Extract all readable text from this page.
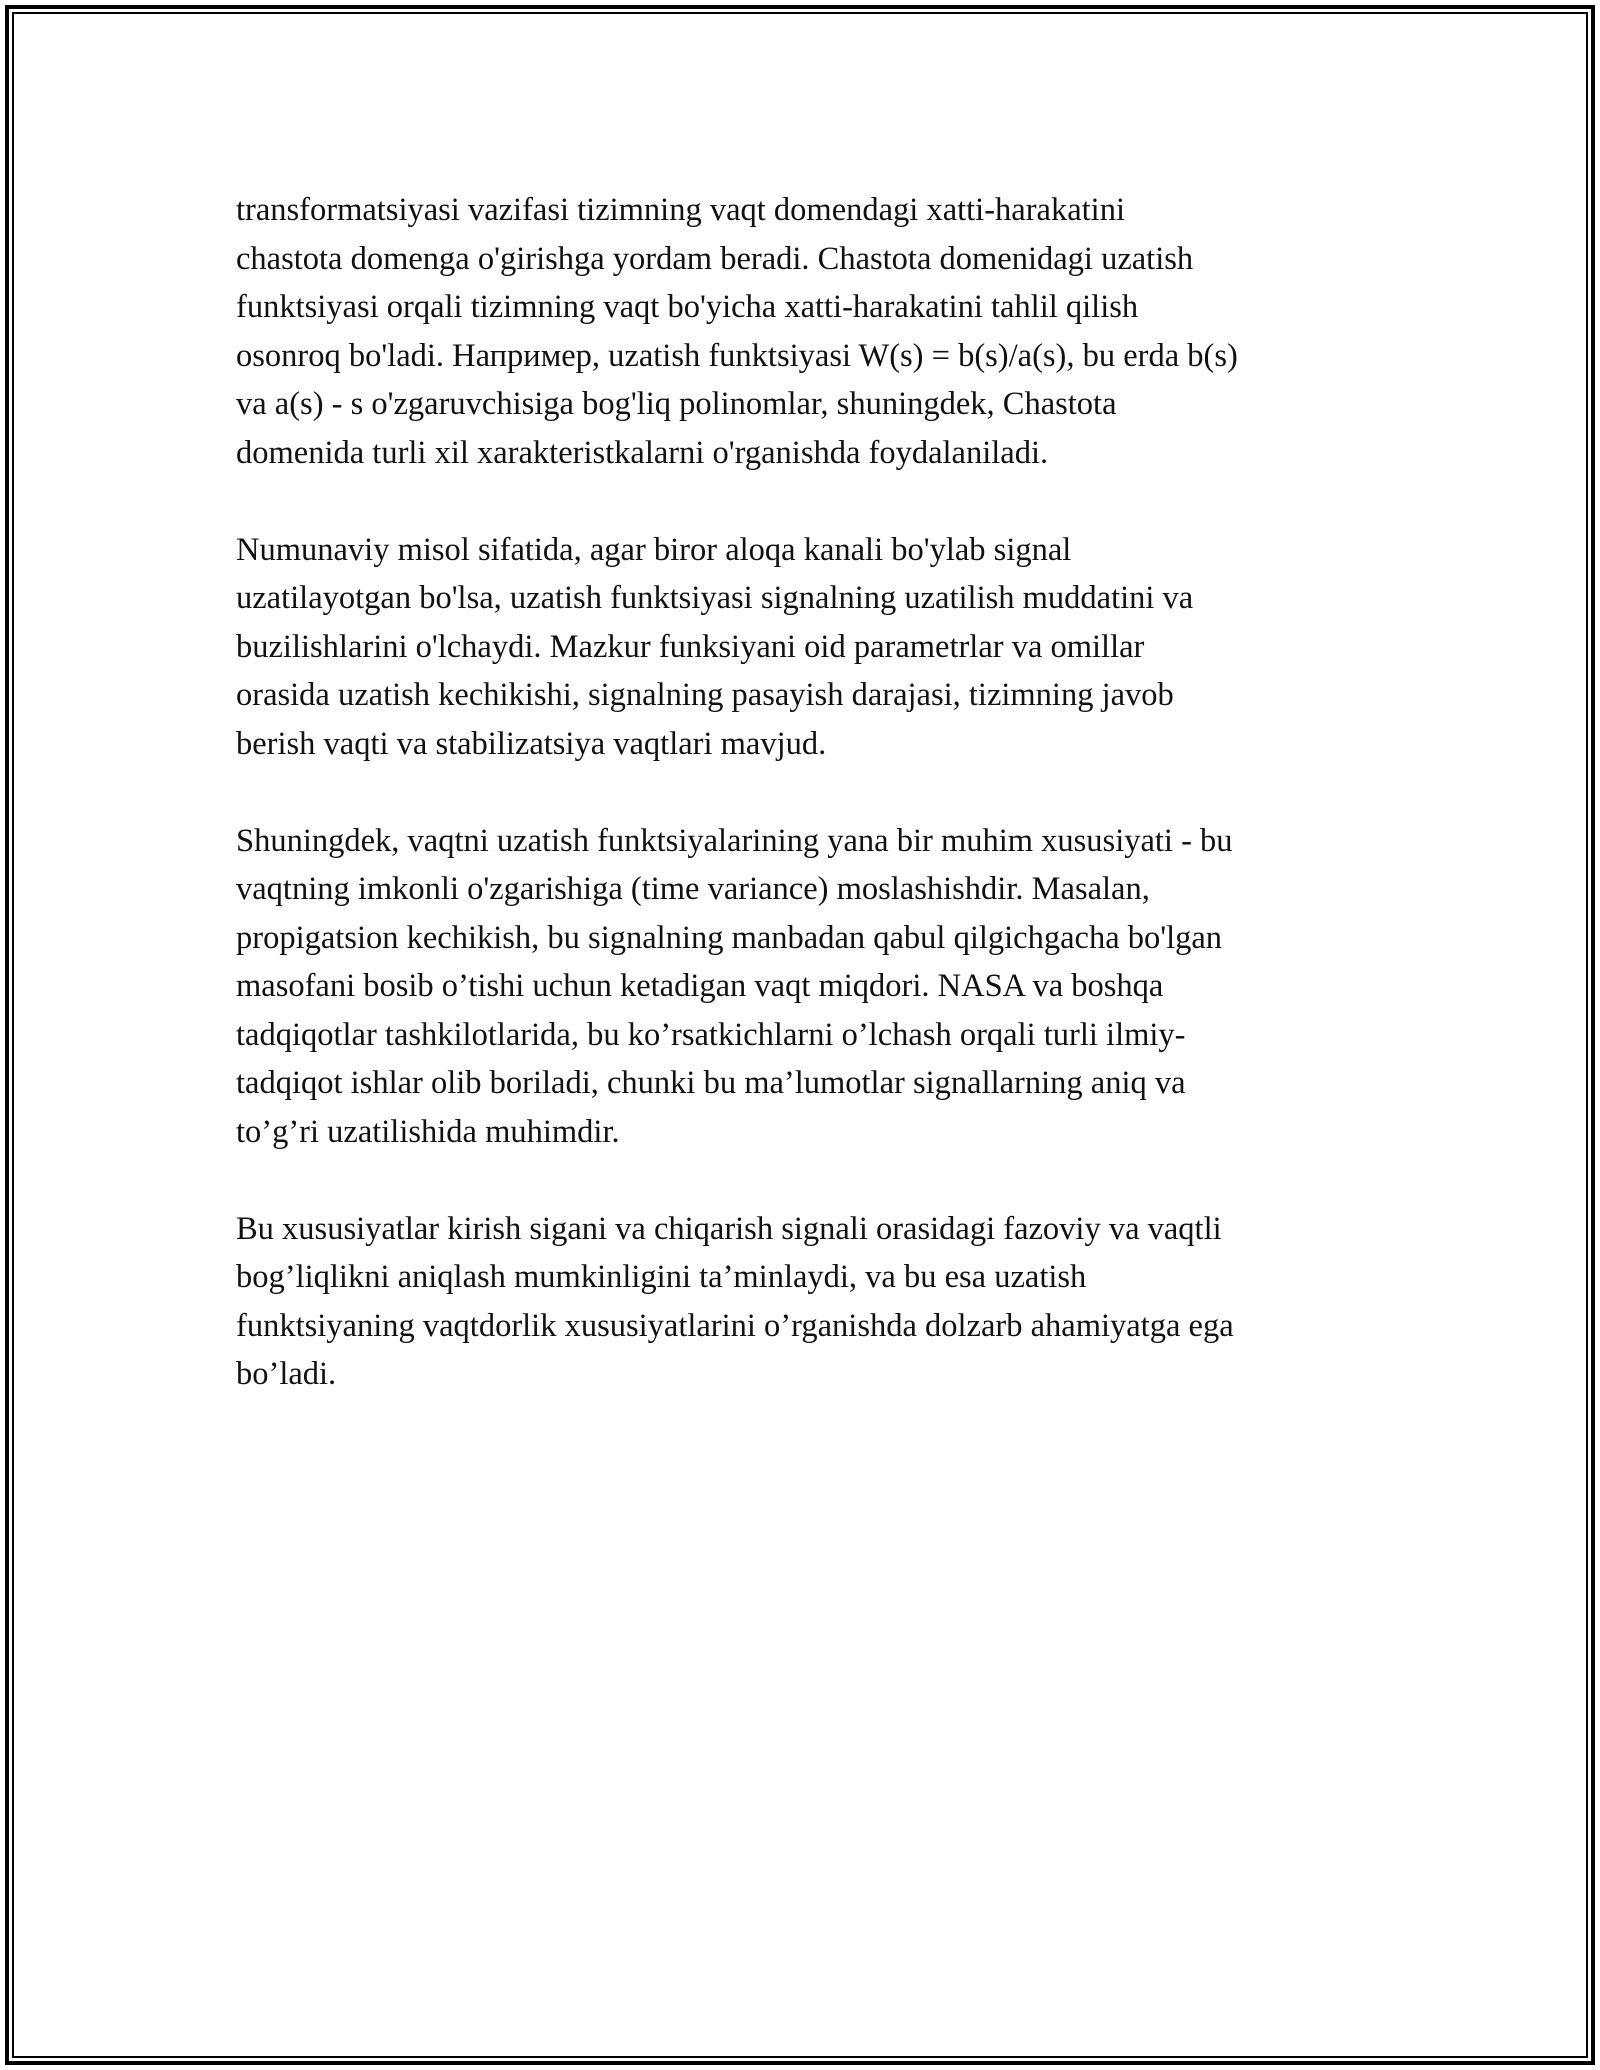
transformatsiyasi vazifasi tizimning vaqt domendagi xatti-harakatini
chastota domenga o'girishga yordam beradi. Chastota domenidagi uzatish
funktsiyasi orqali tizimning vaqt bo'yicha xatti-harakatini tahlil qilish
osonroq bo'ladi. Например, uzatish funktsiyasi W(s) = b(s)/a(s), bu erda b(s)
va a(s) - s o'zgaruvchisiga bog'liq polinomlar, shuningdek, Chastota
domenida turli xil xarakteristkalarni o'rganishda foydalaniladi.

Numunaviy misol sifatida, agar biror aloqa kanali bo'ylab signal
uzatilayotgan bo'lsa, uzatish funktsiyasi signalning uzatilish muddatini va
buzilishlarini o'lchaydi. Mazkur funksiyani oid parametrlar va omillar
orasida uzatish kechikishi, signalning pasayish darajasi, tizimning javob
berish vaqti va stabilizatsiya vaqtlari mavjud.

Shuningdek, vaqtni uzatish funktsiyalarining yana bir muhim xususiyati - bu
vaqtning imkonli o'zgarishiga (time variance) moslashishdir. Masalan,
propigatsion kechikish, bu signalning manbadan qabul qilgichgacha bo'lgan
masofani bosib o’tishi uchun ketadigan vaqt miqdori. NASA va boshqa
tadqiqotlar tashkilotlarida, bu ko’rsatkichlarni o’lchash orqali turli ilmiy-
tadqiqot ishlar olib boriladi, chunki bu ma’lumotlar signallarning aniq va
to’g’ri uzatilishida muhimdir.

Bu xususiyatlar kirish sigani va chiqarish signali orasidagi fazoviy va vaqtli
bog’liqlikni aniqlash mumkinligini ta’minlaydi, va bu esa uzatish
funktsiyaning vaqtdorlik xususiyatlarini o’rganishda dolzarb ahamiyatga ega
bo’ladi.
